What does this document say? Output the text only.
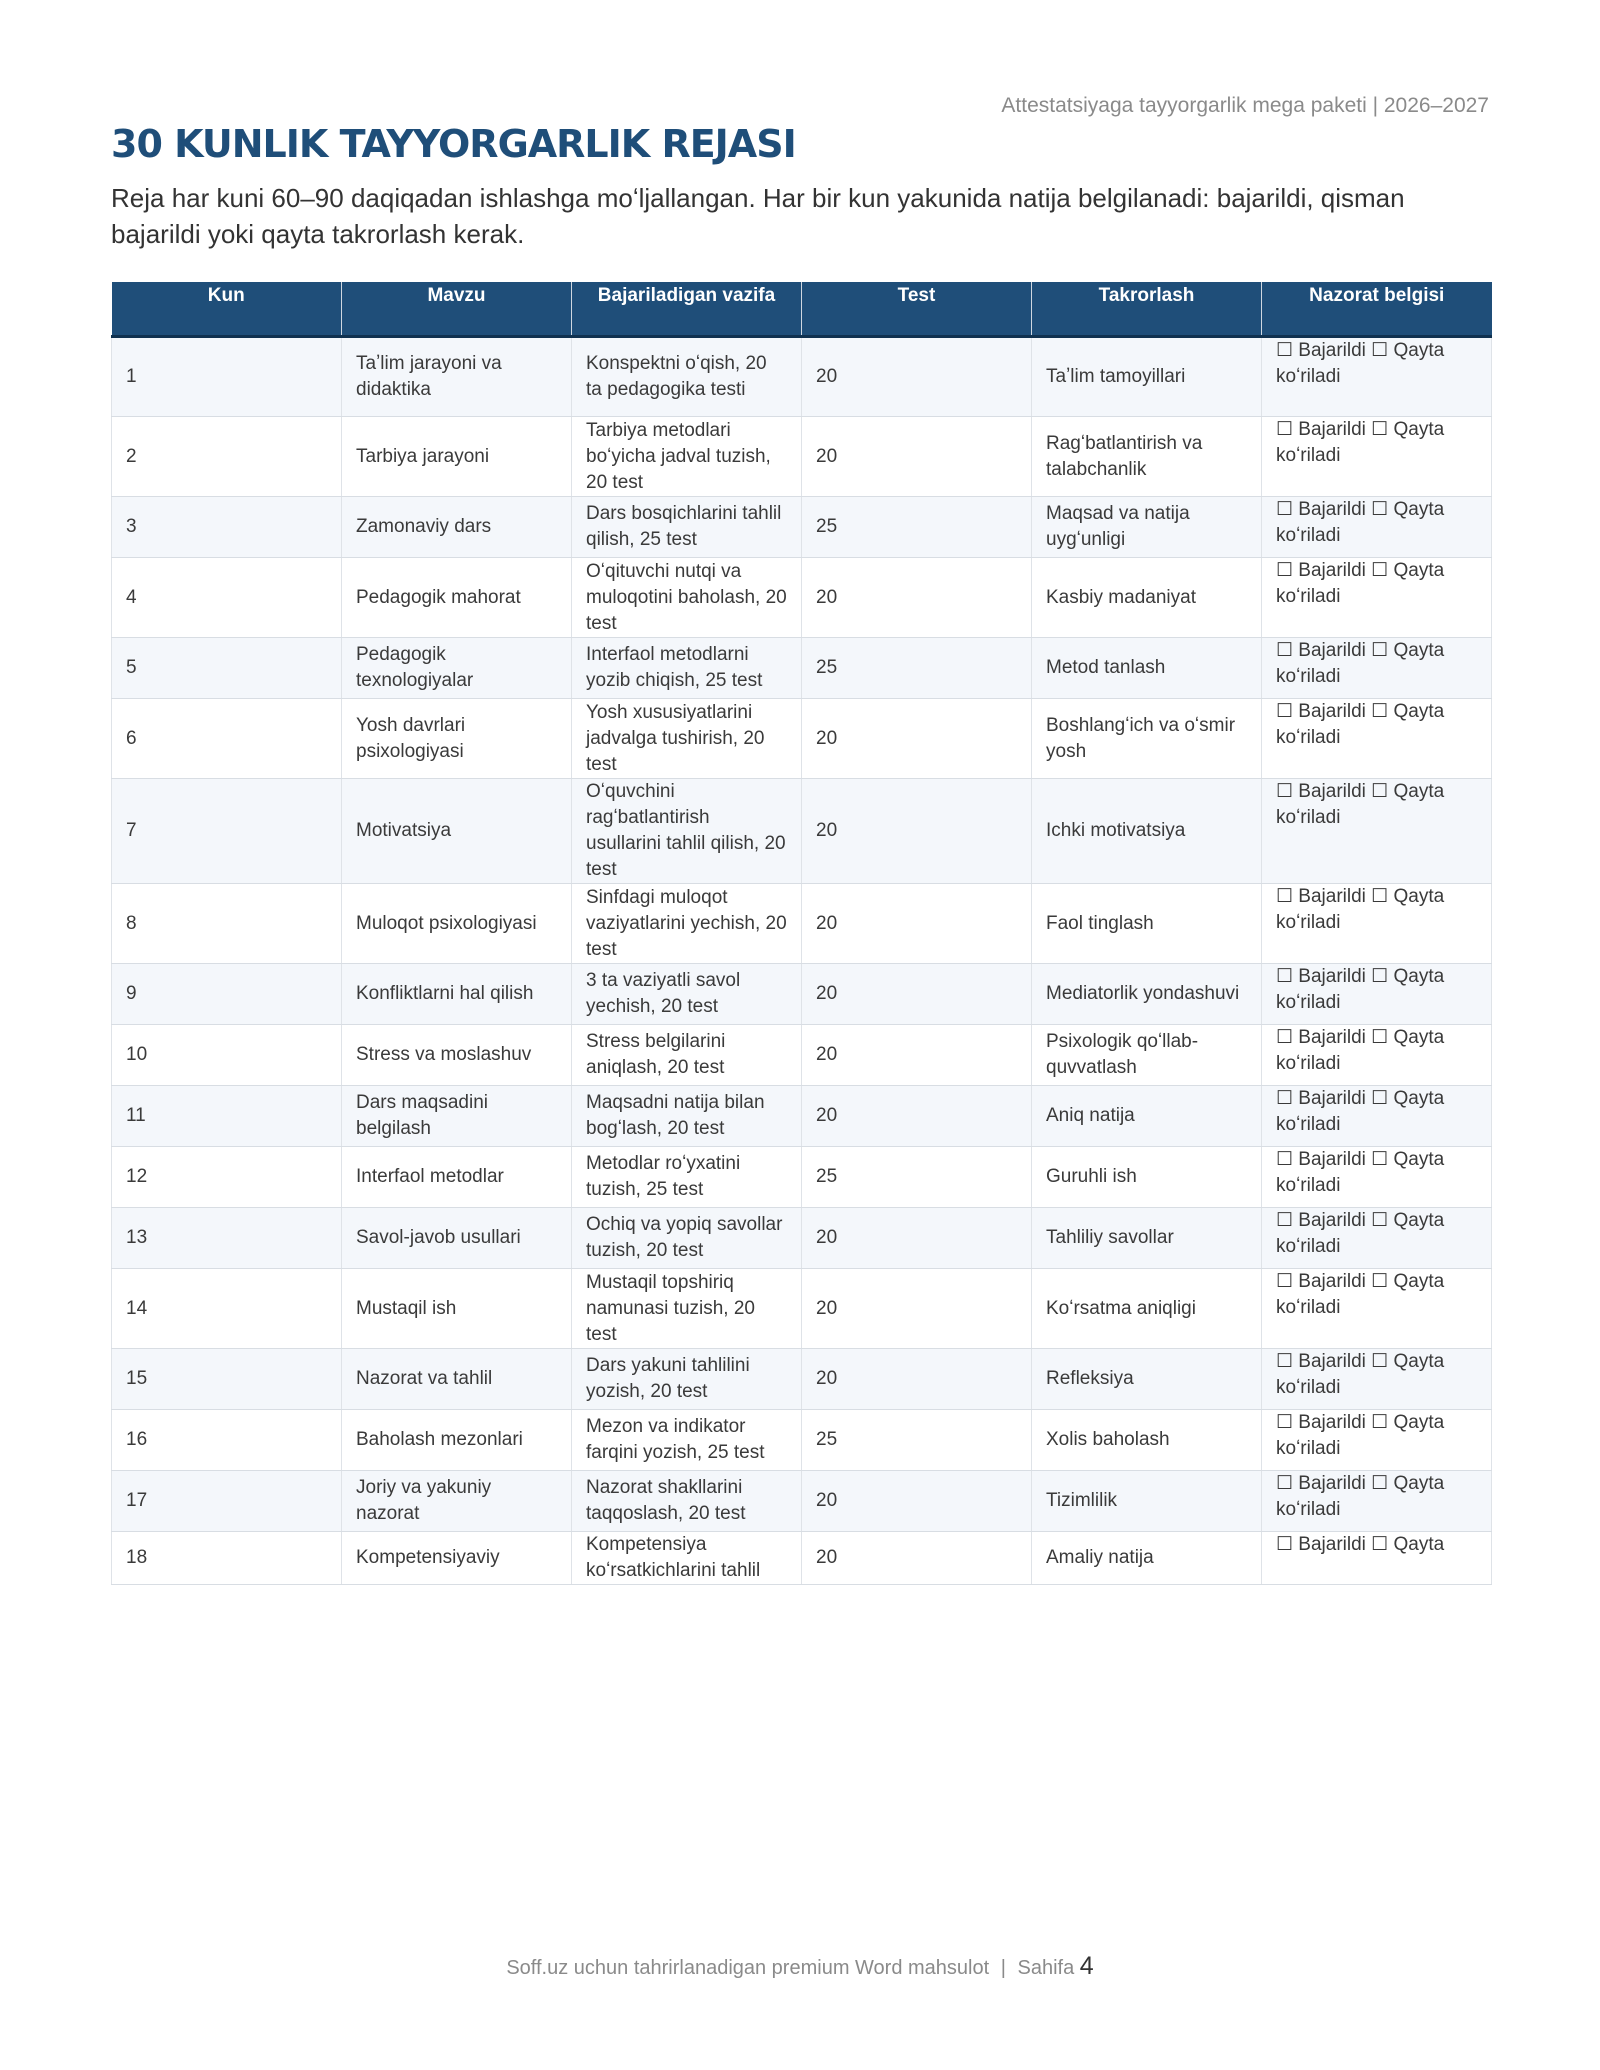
Attestatsiyaga tayyorgarlik mega paketi | 2026–2027
30 KUNLIK TAYYORGARLIK REJASI

Reja har kuni 60–90 daqiqadan ishlashga moʻljallangan. Har bir kun yakunida natija belgilanadi: bajarildi, qisman bajarildi yoki qayta takrorlash kerak.

Kun	Mavzu	Bajariladigan vazifa	Test	Takrorlash	Nazorat belgisi
1	Taʼlim jarayoni va didaktika	Konspektni oʻqish, 20 ta pedagogika testi	20	Taʼlim tamoyillari	☐ Bajarildi ☐ Qayta koʻriladi
2	Tarbiya jarayoni	Tarbiya metodlari boʻyicha jadval tuzish, 20 test	20	Ragʻbatlantirish va talabchanlik	☐ Bajarildi ☐ Qayta koʻriladi
3	Zamonaviy dars	Dars bosqichlarini tahlil qilish, 25 test	25	Maqsad va natija uygʻunligi	☐ Bajarildi ☐ Qayta koʻriladi
4	Pedagogik mahorat	Oʻqituvchi nutqi va muloqotini baholash, 20 test	20	Kasbiy madaniyat	☐ Bajarildi ☐ Qayta koʻriladi
5	Pedagogik texnologiyalar	Interfaol metodlarni yozib chiqish, 25 test	25	Metod tanlash	☐ Bajarildi ☐ Qayta koʻriladi
6	Yosh davrlari psixologiyasi	Yosh xususiyatlarini jadvalga tushirish, 20 test	20	Boshlangʻich va oʻsmir yosh	☐ Bajarildi ☐ Qayta koʻriladi
7	Motivatsiya	Oʻquvchini ragʻbatlantirish usullarini tahlil qilish, 20 test	20	Ichki motivatsiya	☐ Bajarildi ☐ Qayta koʻriladi
8	Muloqot psixologiyasi	Sinfdagi muloqot vaziyatlarini yechish, 20 test	20	Faol tinglash	☐ Bajarildi ☐ Qayta koʻriladi
9	Konfliktlarni hal qilish	3 ta vaziyatli savol yechish, 20 test	20	Mediatorlik yondashuvi	☐ Bajarildi ☐ Qayta koʻriladi
10	Stress va moslashuv	Stress belgilarini aniqlash, 20 test	20	Psixologik qoʻllab-quvvatlash	☐ Bajarildi ☐ Qayta koʻriladi
11	Dars maqsadini belgilash	Maqsadni natija bilan bogʻlash, 20 test	20	Aniq natija	☐ Bajarildi ☐ Qayta koʻriladi
12	Interfaol metodlar	Metodlar roʻyxatini tuzish, 25 test	25	Guruhli ish	☐ Bajarildi ☐ Qayta koʻriladi
13	Savol-javob usullari	Ochiq va yopiq savollar tuzish, 20 test	20	Tahliliy savollar	☐ Bajarildi ☐ Qayta koʻriladi
14	Mustaqil ish	Mustaqil topshiriq namunasi tuzish, 20 test	20	Koʻrsatma aniqligi	☐ Bajarildi ☐ Qayta koʻriladi
15	Nazorat va tahlil	Dars yakuni tahlilini yozish, 20 test	20	Refleksiya	☐ Bajarildi ☐ Qayta koʻriladi
16	Baholash mezonlari	Mezon va indikator farqini yozish, 25 test	25	Xolis baholash	☐ Bajarildi ☐ Qayta koʻriladi
17	Joriy va yakuniy nazorat	Nazorat shakllarini taqqoslash, 20 test	20	Tizimlilik	☐ Bajarildi ☐ Qayta koʻriladi
18	Kompetensiyaviy	Kompetensiya koʻrsatkichlarini tahlil	20	Amaliy natija	☐ Bajarildi ☐ Qayta
Soff.uz uchun tahrirlanadigan premium Word mahsulot | Sahifa 4
